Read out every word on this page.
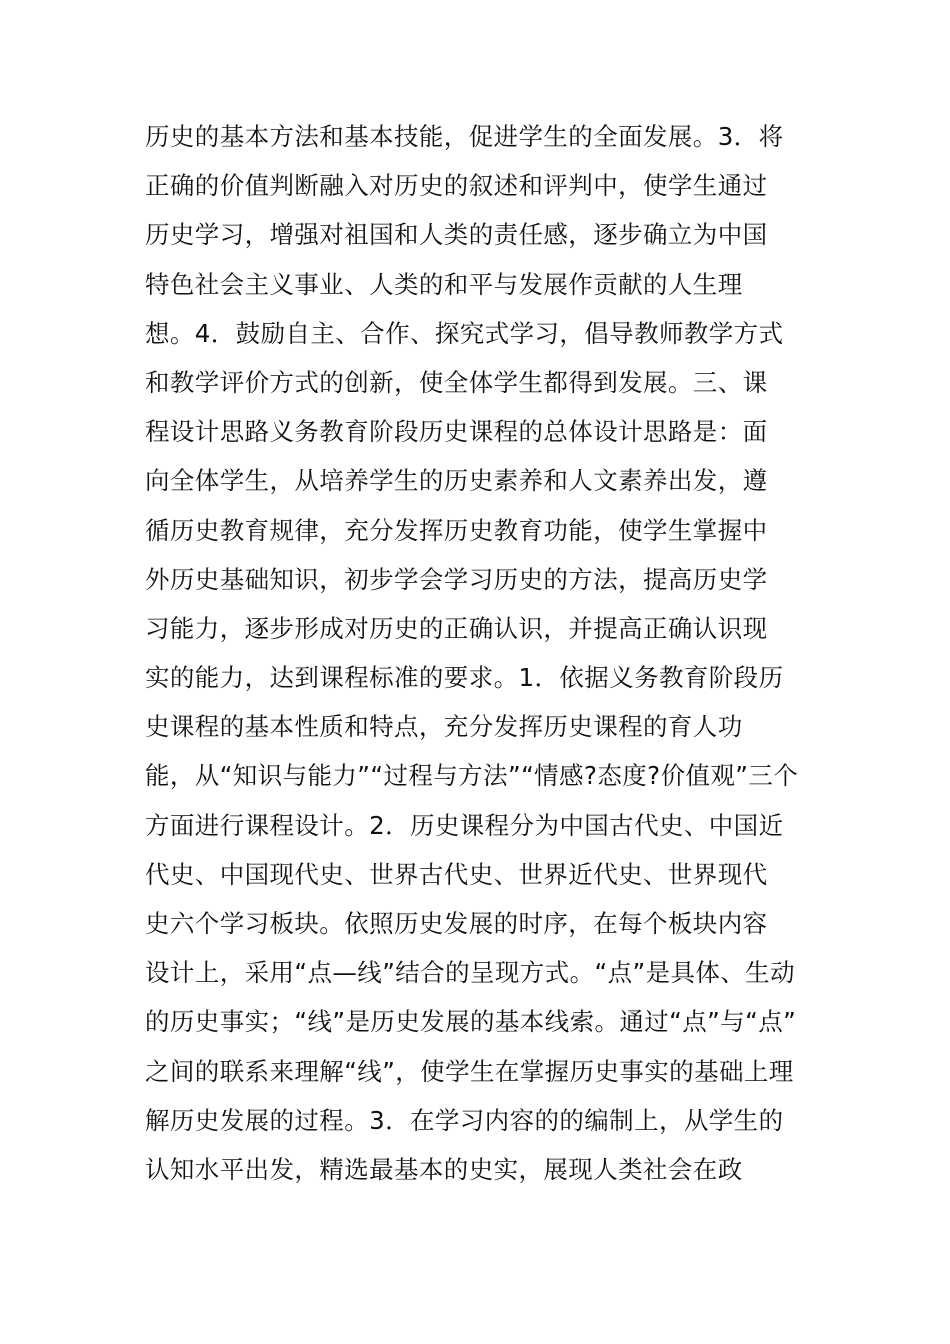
历史的基本方法和基本技能，促进学生的全面发展。3．将
正确的价值判断融入对历史的叙述和评判中，使学生通过
历史学习，增强对祖国和人类的责任感，逐步确立为中国
特色社会主义事业、人类的和平与发展作贡献的人生理
想。4．鼓励自主、合作、探究式学习，倡导教师教学方式
和教学评价方式的创新，使全体学生都得到发展。三、课
程设计思路义务教育阶段历史课程的总体设计思路是：面
向全体学生，从培养学生的历史素养和人文素养出发，遵
循历史教育规律，充分发挥历史教育功能，使学生掌握中
外历史基础知识，初步学会学习历史的方法，提高历史学
习能力，逐步形成对历史的正确认识，并提高正确认识现
实的能力，达到课程标准的要求。1．依据义务教育阶段历
史课程的基本性质和特点，充分发挥历史课程的育人功
能，从“知识与能力”“过程与方法”“情感?态度?价值观”三个
方面进行课程设计。2．历史课程分为中国古代史、中国近
代史、中国现代史、世界古代史、世界近代史、世界现代
史六个学习板块。依照历史发展的时序，在每个板块内容
设计上，采用“点—线”结合的呈现方式。“点”是具体、生动
的历史事实；“线”是历史发展的基本线索。通过“点”与“点”
之间的联系来理解“线”，使学生在掌握历史事实的基础上理
解历史发展的过程。3．在学习内容的的编制上，从学生的
认知水平出发，精选最基本的史实，展现人类社会在政
